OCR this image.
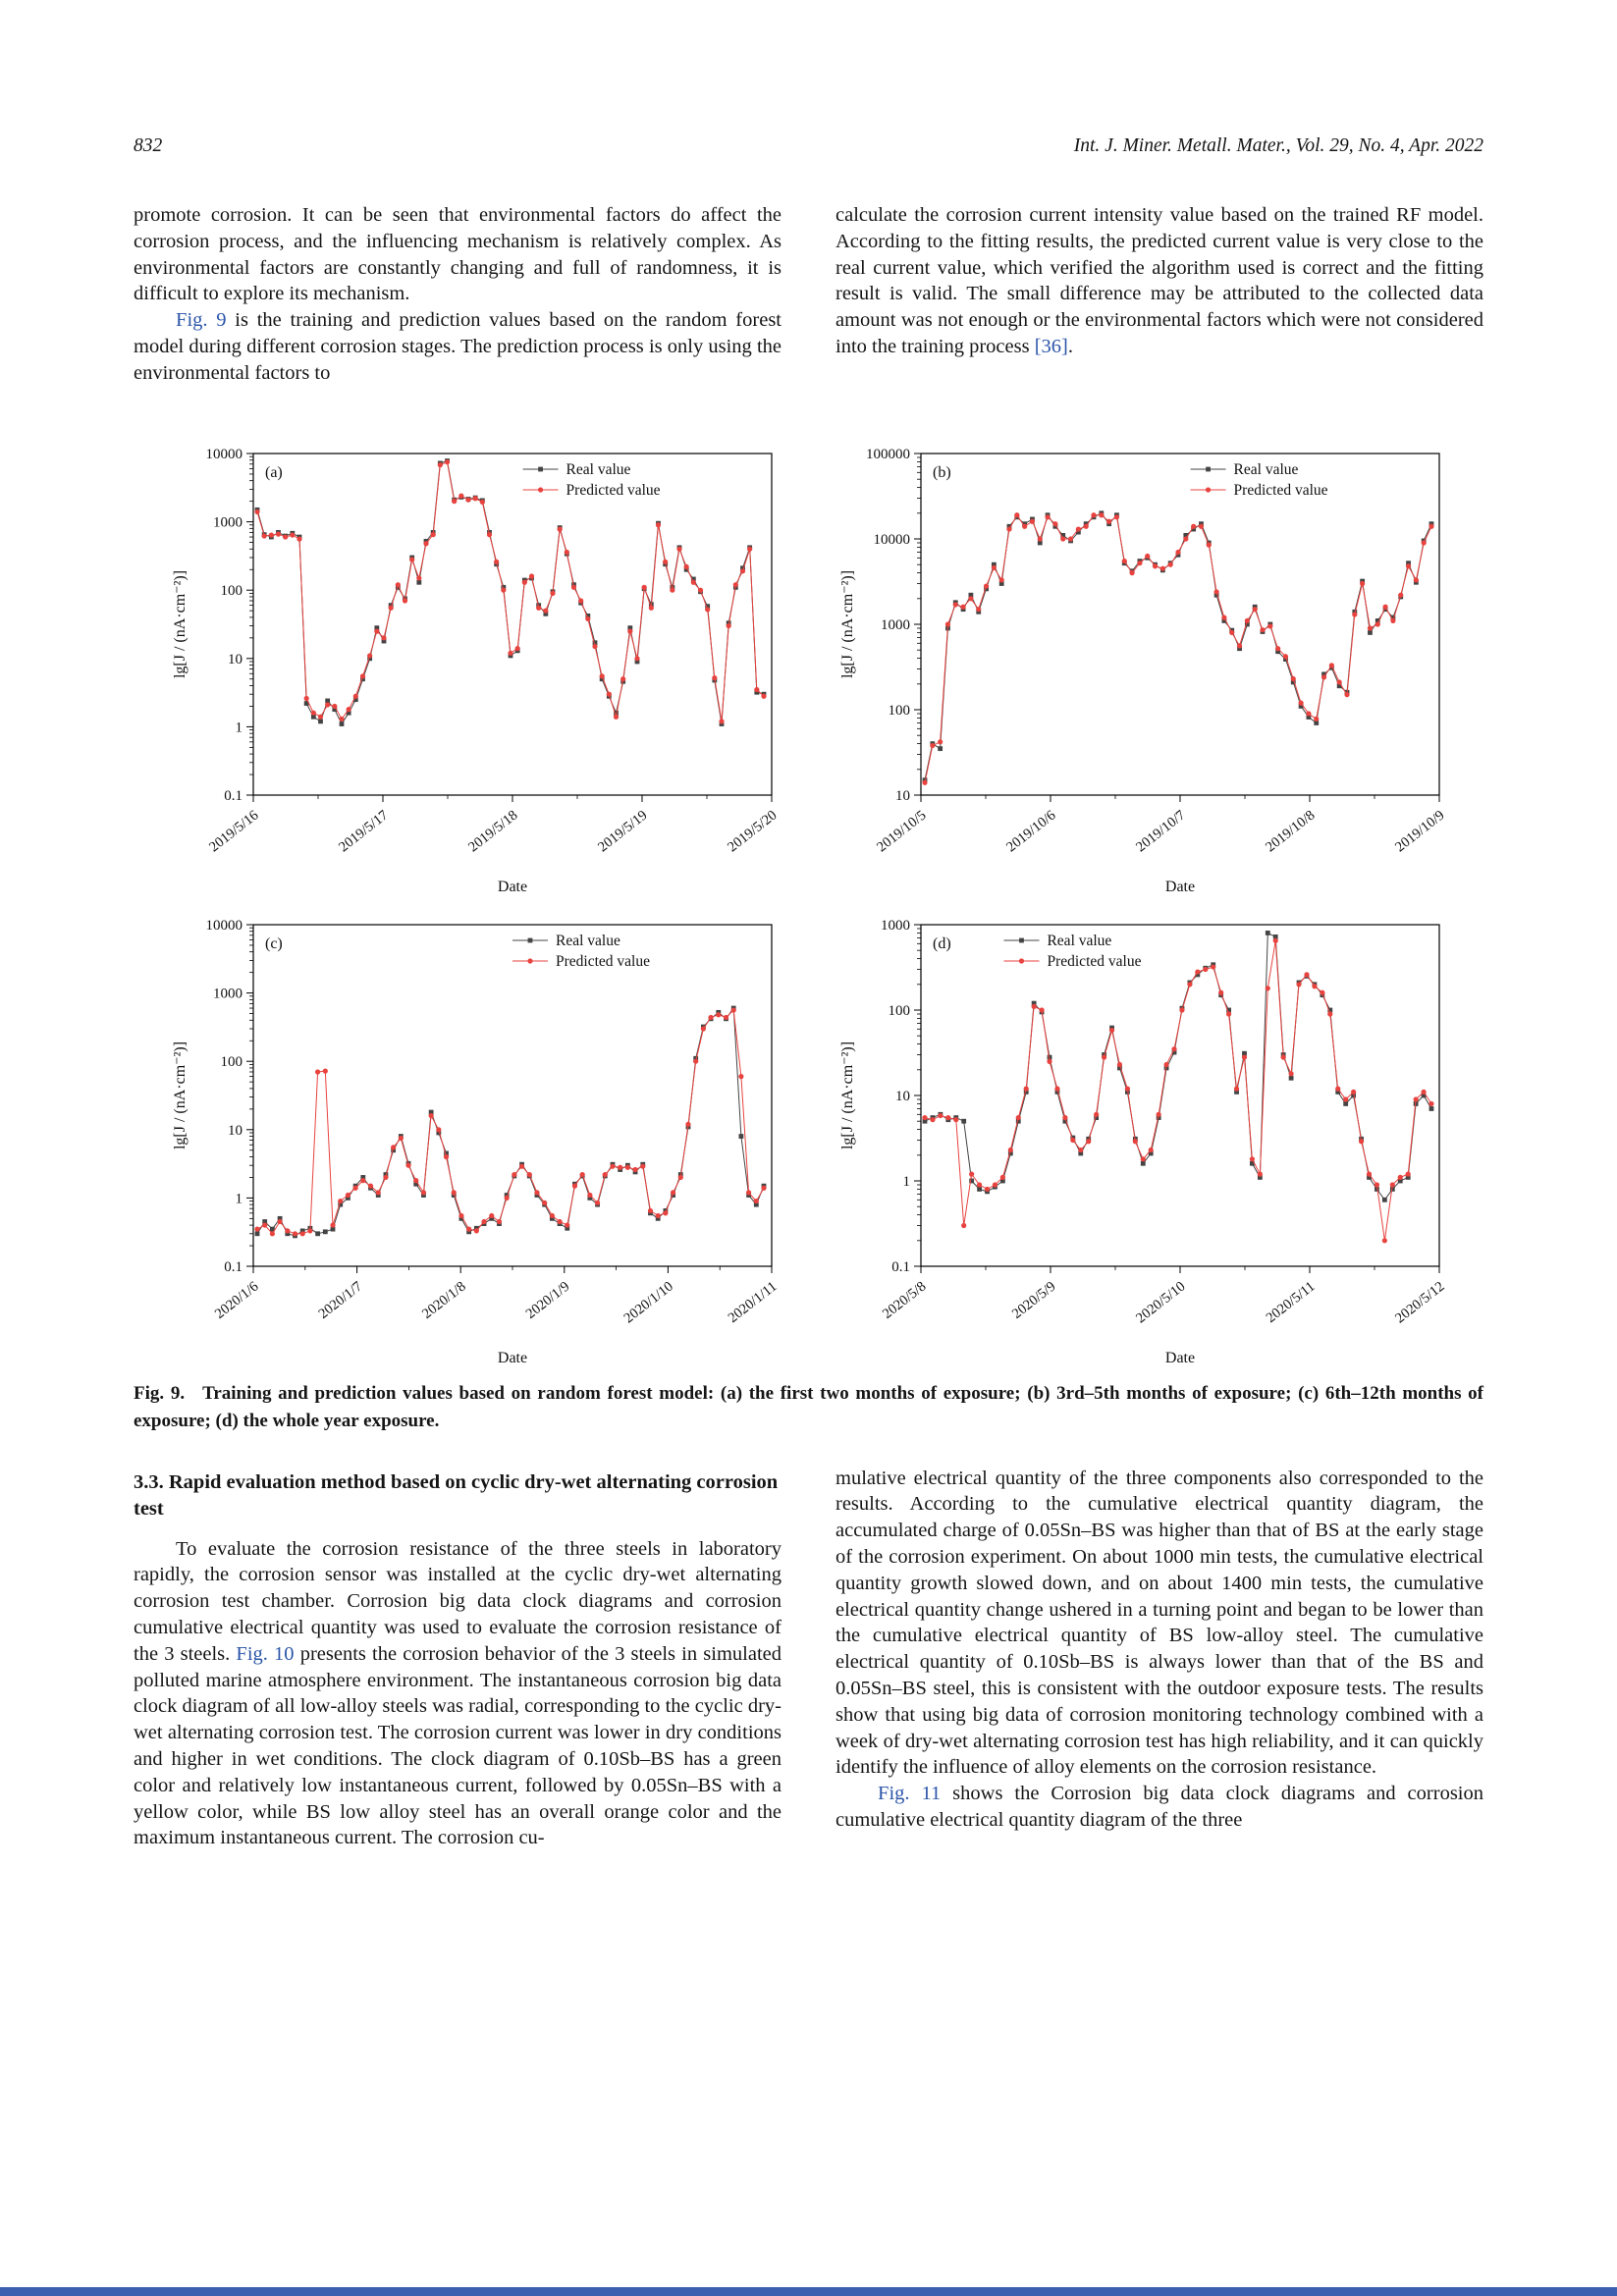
832	Int. J. Miner. Metall. Mater., Vol. 29, No. 4, Apr. 2022

promote corrosion. It can be seen that environmental factors do affect the corrosion process, and the influencing mechanism is relatively complex. As environmental factors are constantly changing and full of randomness, it is difficult to explore its mechanism.

Fig. 9 is the training and prediction values based on the random forest model during different corrosion stages. The prediction process is only using the environmental factors to

calculate the corrosion current intensity value based on the trained RF model. According to the fitting results, the predicted current value is very close to the real current value, which verified the algorithm used is correct and the fitting result is valid. The small difference may be attributed to the collected data amount was not enough or the environmental factors which were not considered into the training process [36].

0.1
1
10
100
1000
10000
2019/5/16	2019/5/17	2019/5/18	2019/5/19	2019/5/20
(a)	Real value
Predicted value
Date
lg[J / (nA·cm⁻²)]
10
100
1000
10000
100000
2019/10/5	2019/10/6	2019/10/7	2019/10/8	2019/10/9
(b)	Real value
Predicted value
Date
lg[J / (nA·cm⁻²)]
0.1
1
10
100
1000
10000
2020/1/6	2020/1/7	2020/1/8	2020/1/9	2020/1/10	2020/1/11
(c)	Real value
Predicted value
Date
lg[J / (nA·cm⁻²)]
0.1
1
10
100
1000
2020/5/8	2020/5/9	2020/5/10	2020/5/11	2020/5/12
(d)	Real value
Predicted value
Date
lg[J / (nA·cm⁻²)]

Fig. 9. Training and prediction values based on random forest model: (a) the first two months of exposure; (b) 3rd–5th months of exposure; (c) 6th–12th months of exposure; (d) the whole year exposure.

3.3. Rapid evaluation method based on cyclic dry-wet alternating corrosion test

To evaluate the corrosion resistance of the three steels in laboratory rapidly, the corrosion sensor was installed at the cyclic dry-wet alternating corrosion test chamber. Corrosion big data clock diagrams and corrosion cumulative electrical quantity was used to evaluate the corrosion resistance of the 3 steels. Fig. 10 presents the corrosion behavior of the 3 steels in simulated polluted marine atmosphere environment. The instantaneous corrosion big data clock diagram of all low-alloy steels was radial, corresponding to the cyclic dry-wet alternating corrosion test. The corrosion current was lower in dry conditions and higher in wet conditions. The clock diagram of 0.10Sb–BS has a green color and relatively low instantaneous current, followed by 0.05Sn–BS with a yellow color, while BS low alloy steel has an overall orange color and the maximum instantaneous current. The corrosion cu-

mulative electrical quantity of the three components also corresponded to the results. According to the cumulative electrical quantity diagram, the accumulated charge of 0.05Sn–BS was higher than that of BS at the early stage of the corrosion experiment. On about 1000 min tests, the cumulative electrical quantity growth slowed down, and on about 1400 min tests, the cumulative electrical quantity change ushered in a turning point and began to be lower than the cumulative electrical quantity of BS low-alloy steel. The cumulative electrical quantity of 0.10Sb–BS is always lower than that of the BS and 0.05Sn–BS steel, this is consistent with the outdoor exposure tests. The results show that using big data of corrosion monitoring technology combined with a week of dry-wet alternating corrosion test has high reliability, and it can quickly identify the influence of alloy elements on the corrosion resistance.

Fig. 11 shows the Corrosion big data clock diagrams and corrosion cumulative electrical quantity diagram of the three
